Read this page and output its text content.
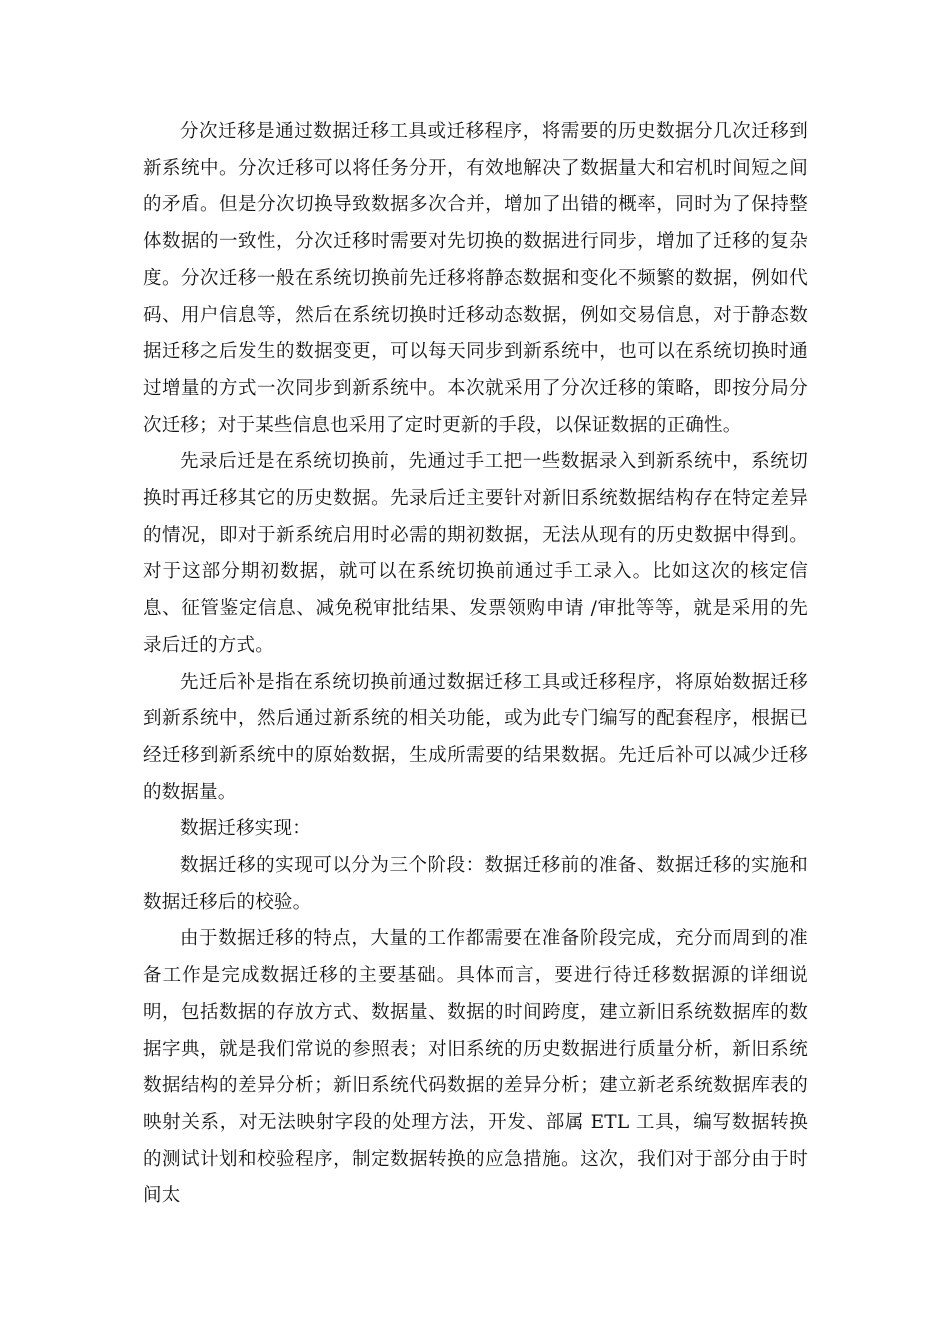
分次迁移是通过数据迁移工具或迁移程序，将需要的历史数据分几次迁移到新系统中。分次迁移可以将任务分开，有效地解决了数据量大和宕机时间短之间的矛盾。但是分次切换导致数据多次合并，增加了出错的概率，同时为了保持整体数据的一致性，分次迁移时需要对先切换的数据进行同步，增加了迁移的复杂度。分次迁移一般在系统切换前先迁移将静态数据和变化不频繁的数据，例如代码、用户信息等，然后在系统切换时迁移动态数据，例如交易信息，对于静态数据迁移之后发生的数据变更，可以每天同步到新系统中，也可以在系统切换时通过增量的方式一次同步到新系统中。本次就采用了分次迁移的策略，即按分局分次迁移；对于某些信息也采用了定时更新的手段，以保证数据的正确性。

先录后迁是在系统切换前，先通过手工把一些数据录入到新系统中，系统切换时再迁移其它的历史数据。先录后迁主要针对新旧系统数据结构存在特定差异的情况，即对于新系统启用时必需的期初数据，无法从现有的历史数据中得到。对于这部分期初数据，就可以在系统切换前通过手工录入。比如这次的核定信息、征管鉴定信息、减免税审批结果、发票领购申请 /审批等等，就是采用的先录后迁的方式。

先迁后补是指在系统切换前通过数据迁移工具或迁移程序，将原始数据迁移到新系统中，然后通过新系统的相关功能，或为此专门编写的配套程序，根据已经迁移到新系统中的原始数据，生成所需要的结果数据。先迁后补可以减少迁移的数据量。

数据迁移实现：

数据迁移的实现可以分为三个阶段：数据迁移前的准备、数据迁移的实施和数据迁移后的校验。

由于数据迁移的特点，大量的工作都需要在准备阶段完成，充分而周到的准备工作是完成数据迁移的主要基础。具体而言，要进行待迁移数据源的详细说明，包括数据的存放方式、数据量、数据的时间跨度，建立新旧系统数据库的数据字典，就是我们常说的参照表；对旧系统的历史数据进行质量分析，新旧系统数据结构的差异分析；新旧系统代码数据的差异分析；建立新老系统数据库表的映射关系，对无法映射字段的处理方法，开发、部属 ETL 工具，编写数据转换的测试计划和校验程序，制定数据转换的应急措施。这次，我们对于部分由于时间太
